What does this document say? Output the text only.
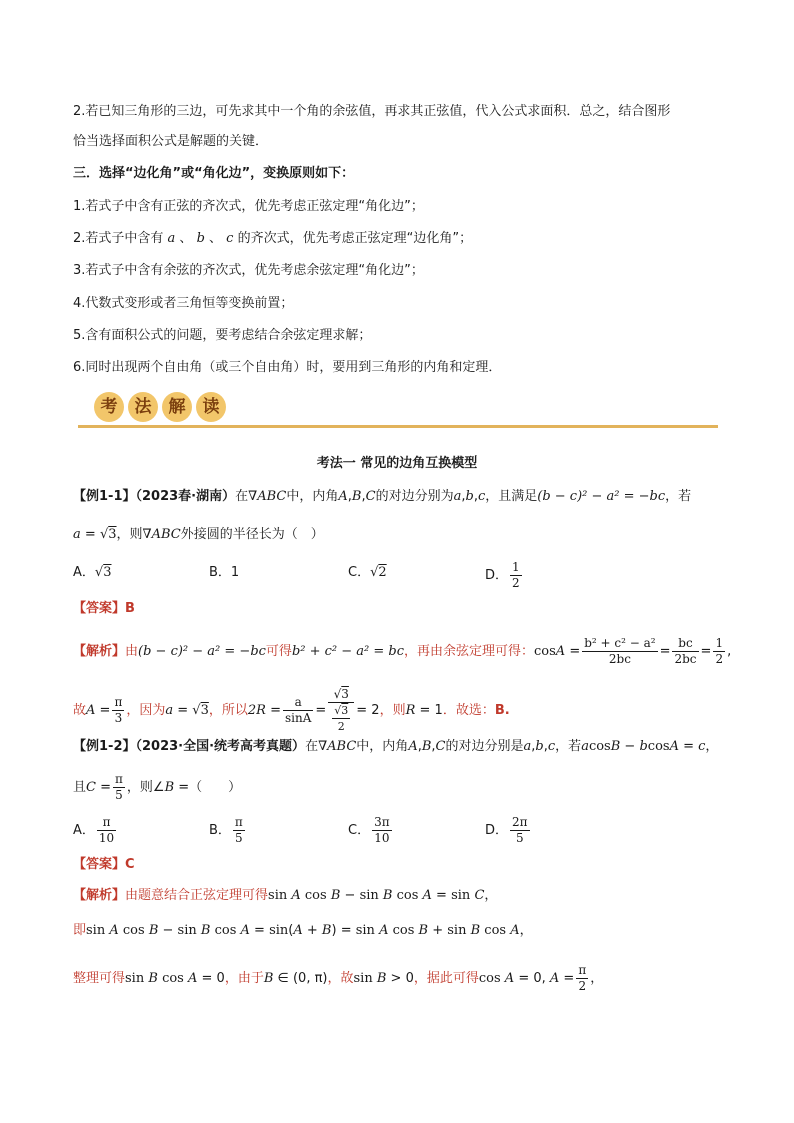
2.若已知三角形的三边，可先求其中一个角的余弦值，再求其正弦值，代入公式求面积．总之，结合图形
恰当选择面积公式是解题的关键．
三．选择“边化角”或“角化边”，变换原则如下：
1.若式子中含有正弦的齐次式，优先考虑正弦定理“角化边”；
2.若式子中含有 a 、 b 、 c 的齐次式，优先考虑正弦定理“边化角”；
3.若式子中含有余弦的齐次式，优先考虑余弦定理“角化边”；
4.代数式变形或者三角恒等变换前置；
5.含有面积公式的问题，要考虑结合余弦定理求解；
6.同时出现两个自由角（或三个自由角）时，要用到三角形的内角和定理．
考	法	解	读
考法一 常见的边角互换模型
【例1-1】（2023春·湖南）在∇ABC中，内角A,B,C的对边分别为a,b,c，且满足(b − c)² − a² = −bc，若
a = √3，则∇ABC外接圆的半径长为（　）
A．√3	B．1	C．√2	D． $\frac{1}{2}$
【答案】B
【解析】由(b − c)² − a² = −bc可得b² + c² − a² = bc，再由余弦定理可得：$\cos A = \frac{\text{b² + c² − a²}}{2bc} = \frac{bc}{2bc} = \frac{1}{2}$ ,
故$A = \frac{\pi}{3}$ ，因为a = √3，所以$2R = \frac{a}{\sin A} = \frac{√3}{\frac{√3}{2}} = 2$，则R = 1．故选：B.
【例1-2】（2023·全国·统考高考真题）在∇ABC中，内角A,B,C的对边分别是a,b,c，若acosB − bcosA = c，
且$C = \frac{\pi}{5}$ ，则∠B =（　　）
A． $\frac{\pi}{10}$	B． $\frac{\pi}{5}$	C． $\frac{3\pi}{10}$	D． $\frac{2\pi}{5}$
【答案】C
【解析】由题意结合正弦定理可得sin A cos B − sin B cos A = sin C，
即sin A cos B − sin B cos A = sin(A + B) = sin A cos B + sin B cos A，
整理可得sin B cos A = 0，由于B ∈ (0, π)，故sin B > 0，据此可得cos A = 0, $A = \frac{\pi}{2}$ ，
